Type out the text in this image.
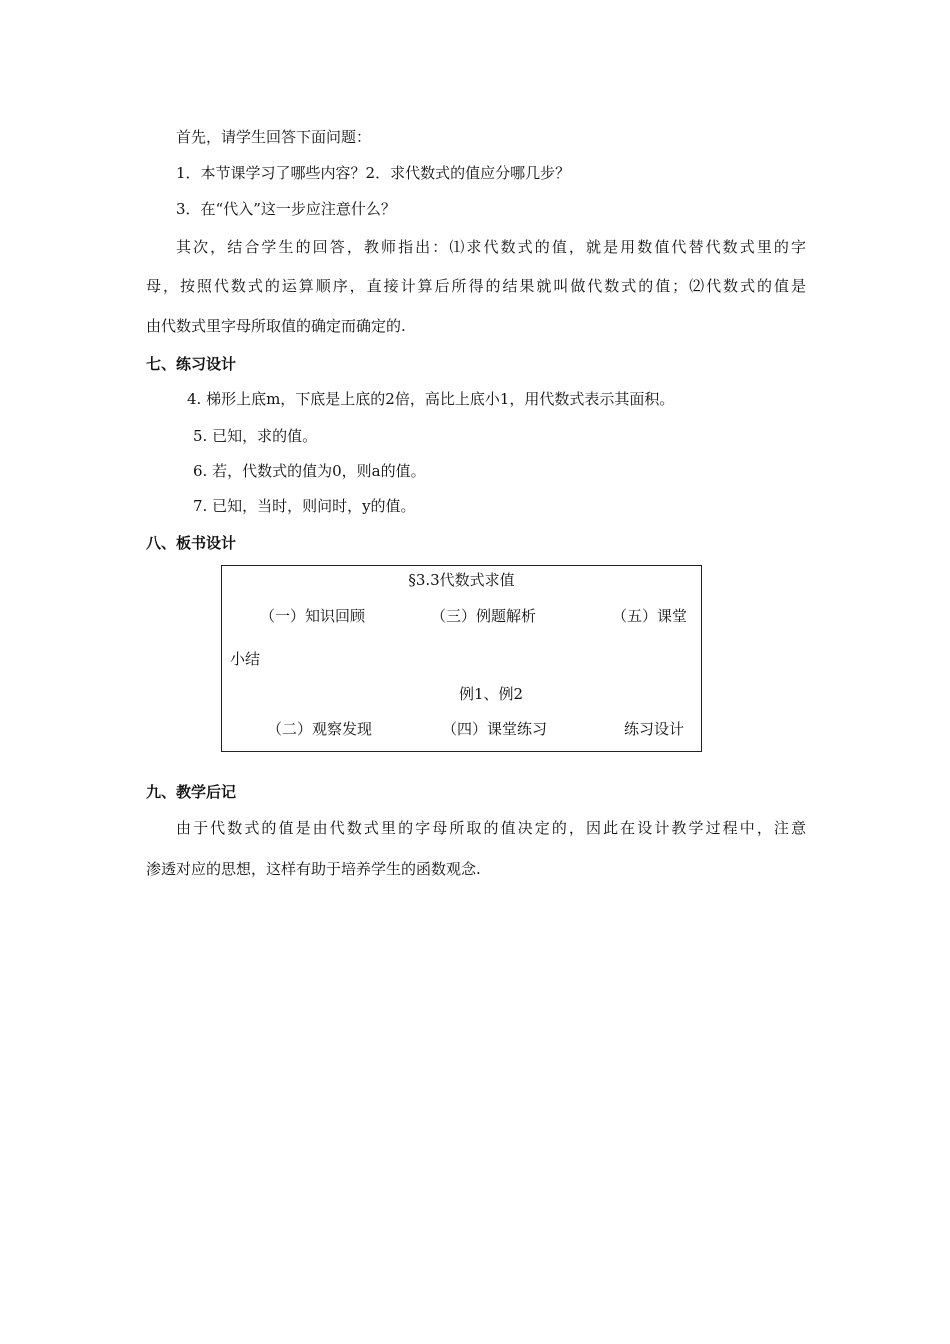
首先，请学生回答下面问题：
1．本节课学习了哪些内容？2．求代数式的值应分哪几步？
3．在“代入”这一步应注意什么？
其次，结合学生的回答，教师指出：⑴求代数式的值，就是用数值代替代数式里的字
母，按照代数式的运算顺序，直接计算后所得的结果就叫做代数式的值；⑵代数式的值是
由代数式里字母所取值的确定而确定的.
七、练习设计
4. 梯形上底m，下底是上底的2倍，高比上底小1，用代数式表示其面积。
5. 已知，求的值。
6. 若，代数式的值为0，则a的值。
7. 已知，当时，则问时，y的值。
八、板书设计
§3.3代数式求值
（一）知识回顾	（三）例题解析	（五）课堂
小结
例1、例2
（二）观察发现	（四）课堂练习	练习设计
九、教学后记
由于代数式的值是由代数式里的字母所取的值决定的，因此在设计教学过程中，注意
渗透对应的思想，这样有助于培养学生的函数观念.
